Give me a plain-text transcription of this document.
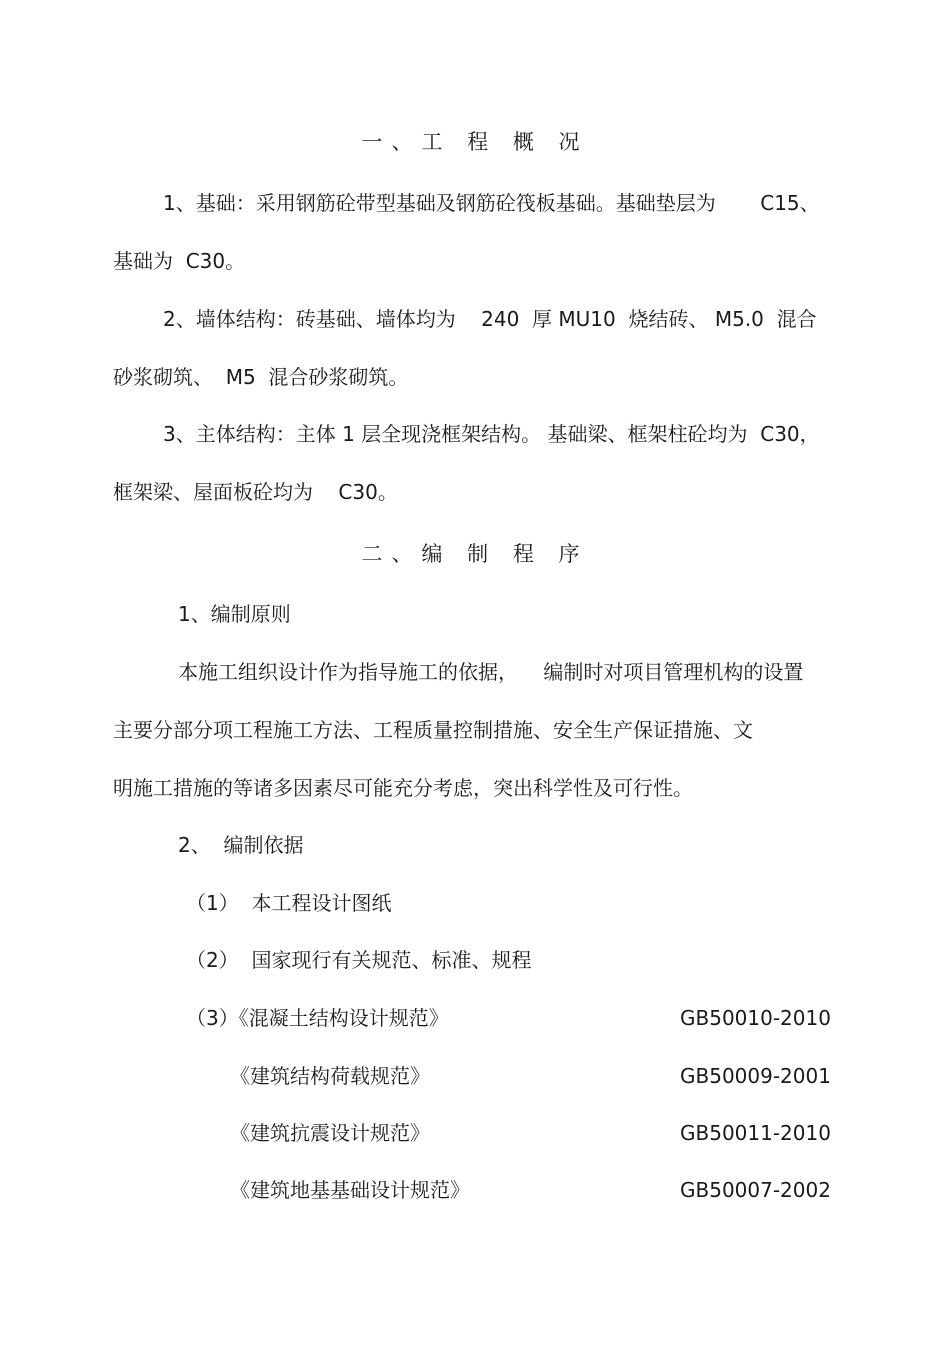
一、工 程 概 况
1、基础：采用钢筋砼带型基础及钢筋砼筏板基础。基础垫层为       C15、
基础为  C30。
2、墙体结构：砖基础、墙体均为    240  厚 MU10  烧结砖、 M5.0  混合
砂浆砌筑、  M5  混合砂浆砌筑。
3、主体结构：主体 1 层全现浇框架结构。 基础梁、框架柱砼均为  C30，
框架梁、屋面板砼均为    C30。
二、编 制 程 序
1、编制原则
本施工组织设计作为指导施工的依据，    编制时对项目管理机构的设置
主要分部分项工程施工方法、工程质量控制措施、安全生产保证措施、文
明施工措施的等诸多因素尽可能充分考虑，突出科学性及可行性。
2、  编制依据
（1）  本工程设计图纸
（2）  国家现行有关规范、标准、规程
（3）《混凝土结构设计规范》	GB50010-2010
《建筑结构荷载规范》	GB50009-2001
《建筑抗震设计规范》	GB50011-2010
《建筑地基基础设计规范》	GB50007-2002
